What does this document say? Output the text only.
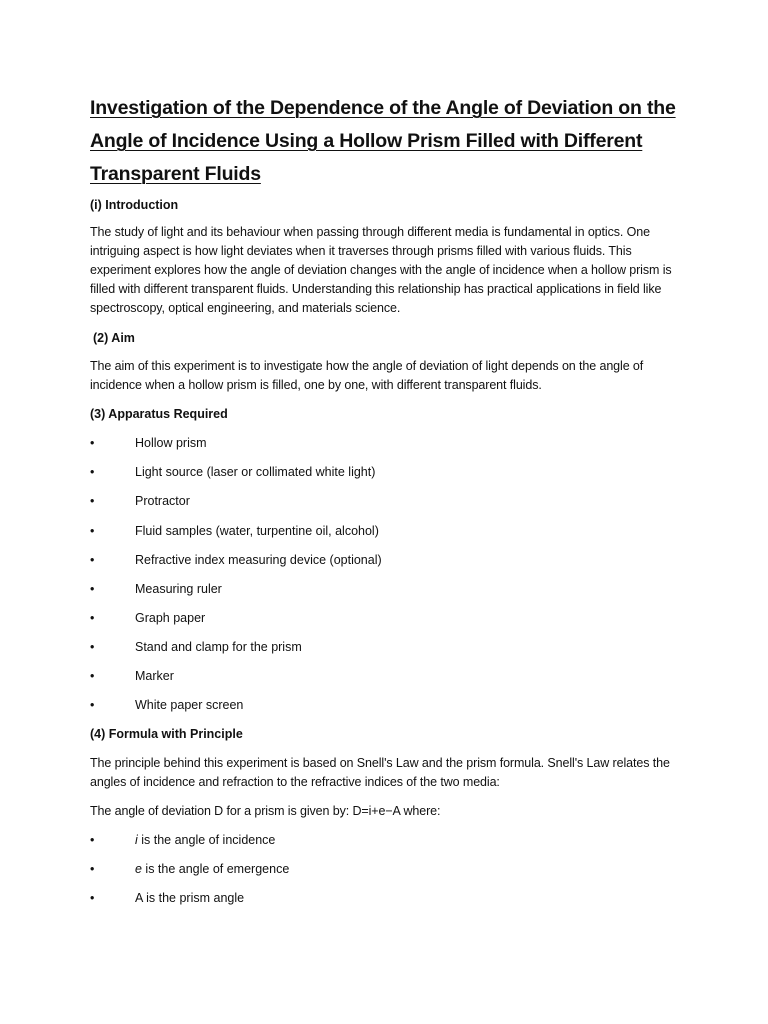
Investigation of the Dependence of the Angle of Deviation on the Angle of Incidence Using a Hollow Prism Filled with Different Transparent Fluids
(i) Introduction
The study of light and its behaviour when passing through different media is fundamental in optics. One intriguing aspect is how light deviates when it traverses through prisms filled with various fluids. This experiment explores how the angle of deviation changes with the angle of incidence when a hollow prism is filled with different transparent fluids. Understanding this relationship has practical applications in field like spectroscopy, optical engineering, and materials science.
(2) Aim
The aim of this experiment is to investigate how the angle of deviation of light depends on the angle of incidence when a hollow prism is filled, one by one, with different transparent fluids.
(3) Apparatus Required
•	Hollow prism
•	Light source (laser or collimated white light)
•	Protractor
•	Fluid samples (water, turpentine oil, alcohol)
•	Refractive index measuring device (optional)
•	Measuring ruler
•	Graph paper
•	Stand and clamp for the prism
•	Marker
•	White paper screen
(4) Formula with Principle
The principle behind this experiment is based on Snell's Law and the prism formula. Snell's Law relates the angles of incidence and refraction to the refractive indices of the two media:
The angle of deviation D for a prism is given by: D=i+e−A where:
•	i is the angle of incidence
•	e is the angle of emergence
•	A is the prism angle
